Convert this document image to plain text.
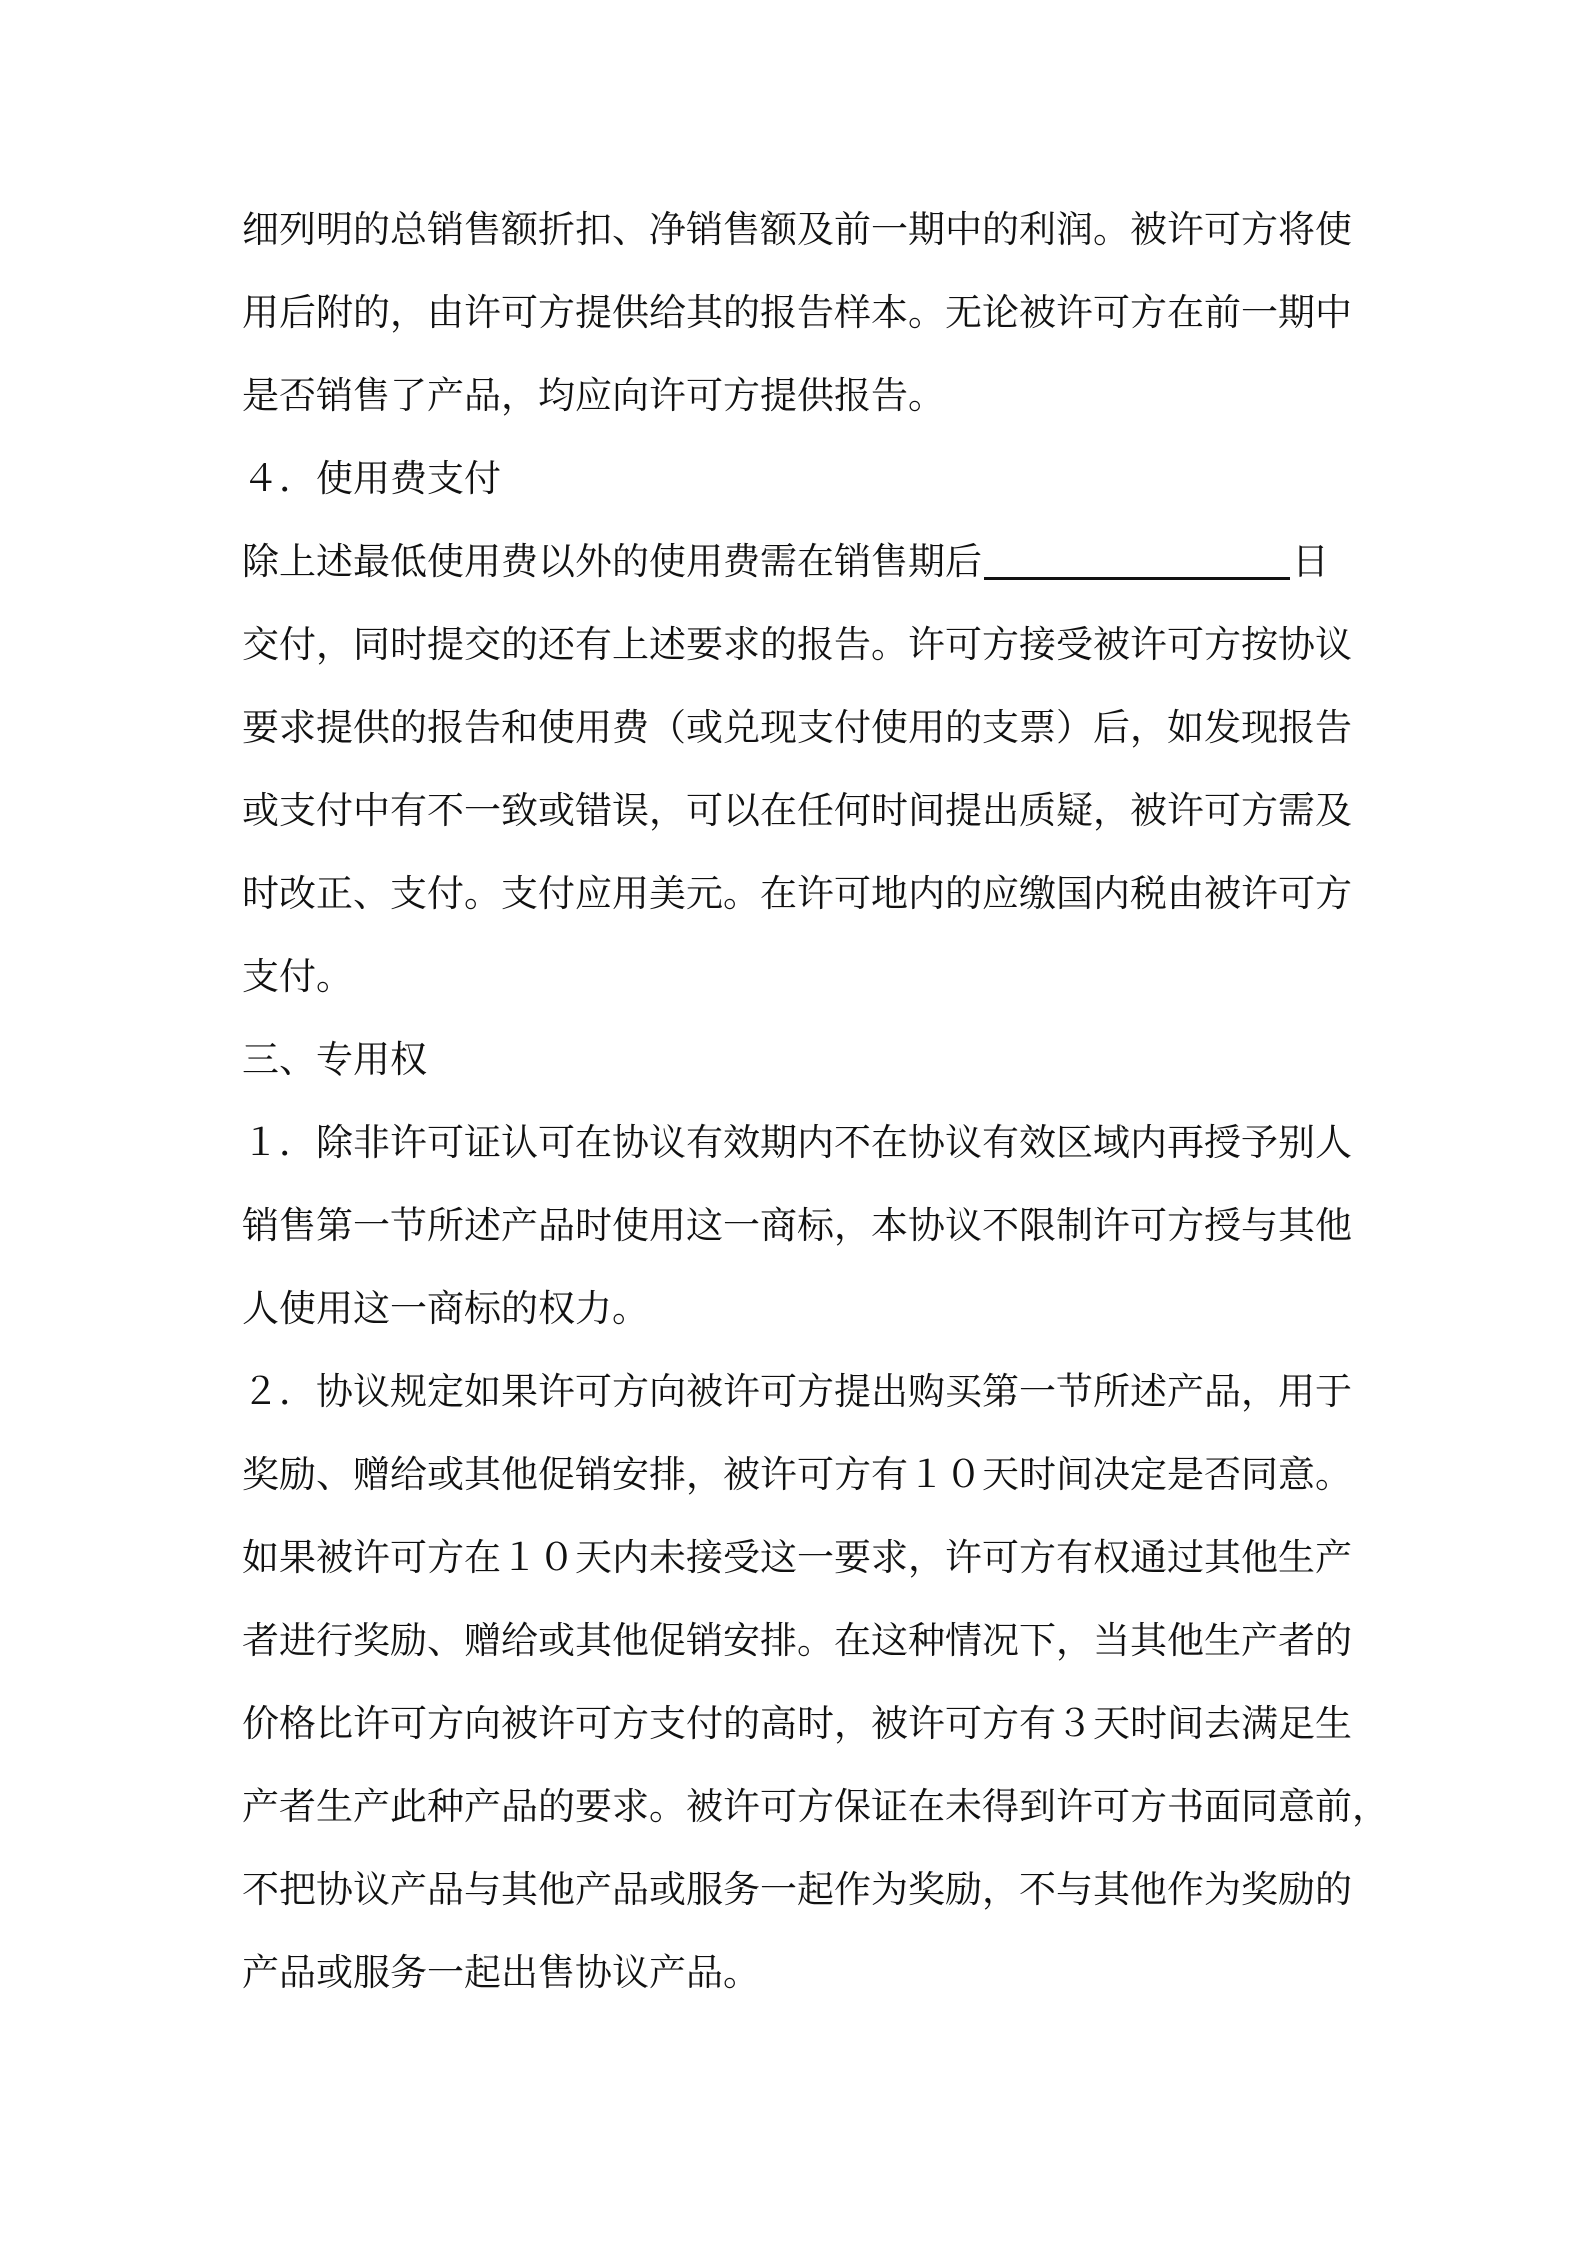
细列明的总销售额折扣、净销售额及前一期中的利润。被许可方将使
用后附的，由许可方提供给其的报告样本。无论被许可方在前一期中
是否销售了产品，均应向许可方提供报告。
４．使用费支付
除上述最低使用费以外的使用费需在销售期后	日
交付，同时提交的还有上述要求的报告。许可方接受被许可方按协议
要求提供的报告和使用费（或兑现支付使用的支票）后，如发现报告
或支付中有不一致或错误，可以在任何时间提出质疑，被许可方需及
时改正、支付。支付应用美元。在许可地内的应缴国内税由被许可方
支付。
三、专用权
１．除非许可证认可在协议有效期内不在协议有效区域内再授予别人
销售第一节所述产品时使用这一商标，本协议不限制许可方授与其他
人使用这一商标的权力。
２．协议规定如果许可方向被许可方提出购买第一节所述产品，用于
奖励、赠给或其他促销安排，被许可方有１０天时间决定是否同意。
如果被许可方在１０天内未接受这一要求，许可方有权通过其他生产
者进行奖励、赠给或其他促销安排。在这种情况下，当其他生产者的
价格比许可方向被许可方支付的高时，被许可方有３天时间去满足生
产者生产此种产品的要求。被许可方保证在未得到许可方书面同意前，
不把协议产品与其他产品或服务一起作为奖励，不与其他作为奖励的
产品或服务一起出售协议产品。
